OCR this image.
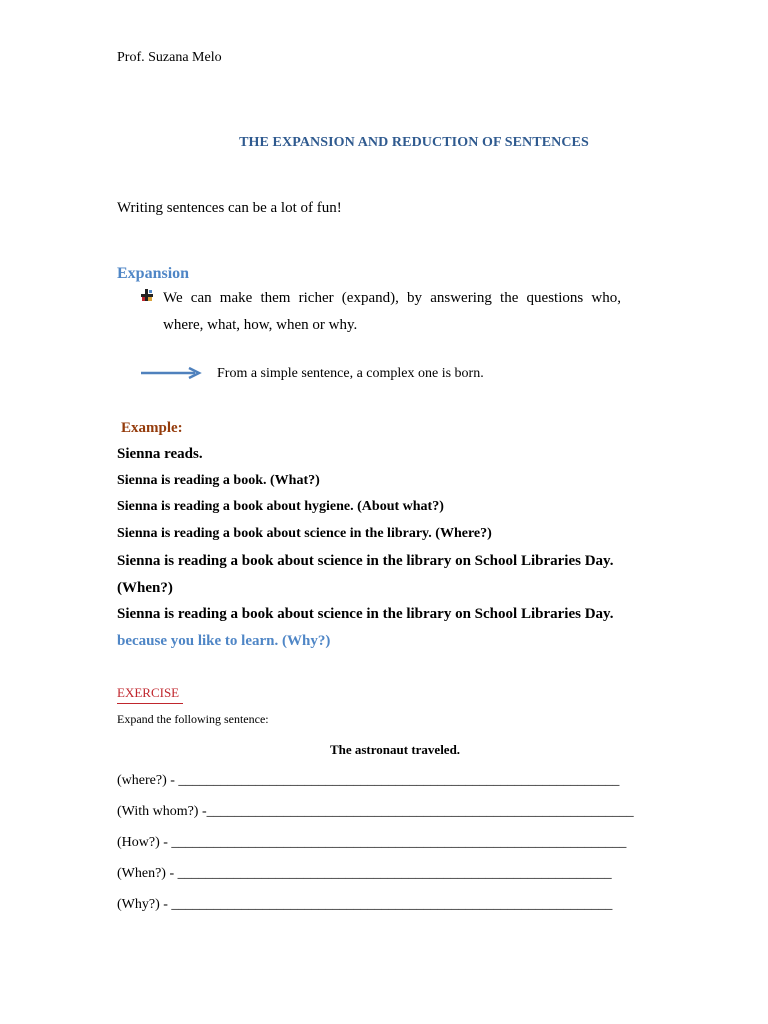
Prof. Suzana Melo
THE EXPANSION AND REDUCTION OF SENTENCES
Writing sentences can be a lot of fun!
Expansion
We can make them richer (expand), by answering the questions who,
where, what, how, when or why.
From a simple sentence, a complex one is born.
Example:
Sienna reads.
Sienna is reading a book. (What?)
Sienna is reading a book about hygiene. (About what?)
Sienna is reading a book about science in the library. (Where?)
Sienna is reading a book about science in the library on School Libraries Day.
(When?)
Sienna is reading a book about science in the library on School Libraries Day.
because you like to learn. (Why?)
EXERCISE
Expand the following sentence:
The astronaut traveled.
(where?) - _______________________________________________________________
(With whom?) -_____________________________________________________________
(How?) - _________________________________________________________________
(When?) - ______________________________________________________________
(Why?) - _______________________________________________________________
